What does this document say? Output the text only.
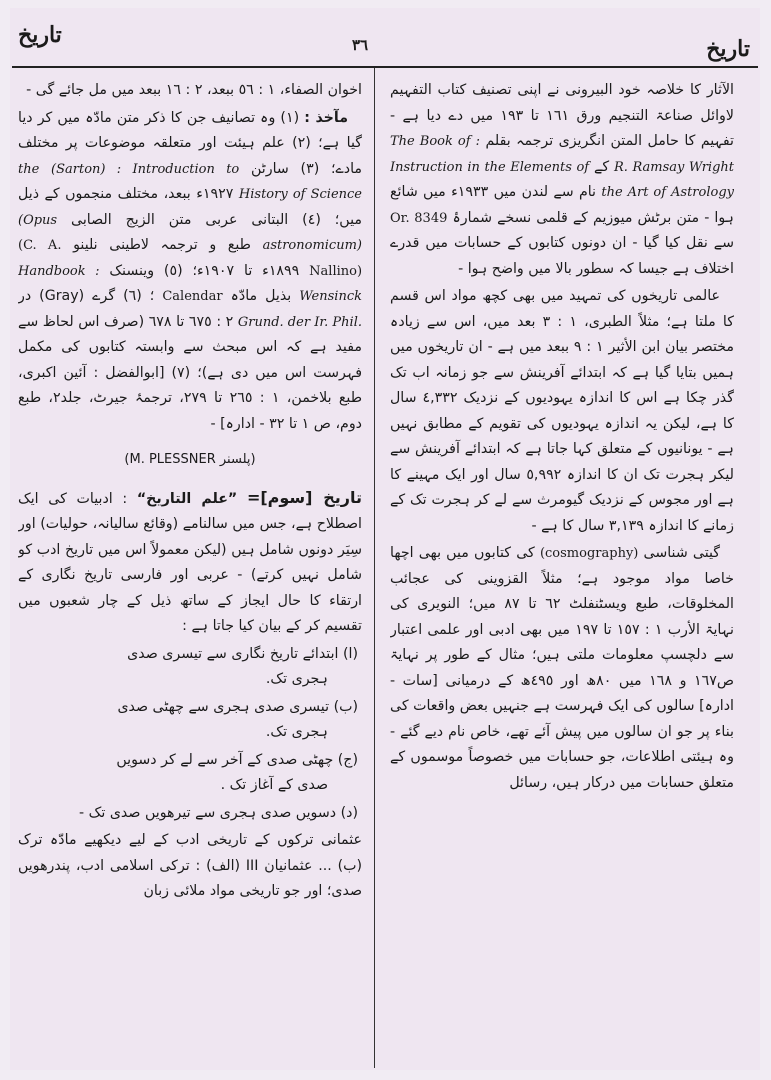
تاریخ	٣٦	تاریخ

الآثار کا خلاصہ خود البیرونی نے اپنی تصنیف کتاب التفہیم لاوائل صناعۃ التنجیم ورق ١٦١ تا ١٩٣ میں دے دیا ہے - تفہیم کا حامل المتن انگریزی ترجمہ بقلم The Book of : R. Ramsay Wright کے Instruction in the Elements of the Art of Astrology نام سے لندن میں ١٩٣٣ء میں شائع ہوا - متن برٹش میوزیم کے قلمی نسخے شمارۂ Or. 8349 سے نقل کیا گیا - ان دونوں کتابوں کے حسابات میں قدرے اختلاف ہے جیسا کہ سطور بالا میں واضح ہوا -

عالمی تاریخوں کی تمہید میں بھی کچھ مواد اس قسم کا ملتا ہے؛ مثلاً الطبری، ١ : ٣ بعد میں، اس سے زیادہ مختصر بیان ابن الأثیر ١ : ٩ ببعد میں ہے - ان تاریخوں میں ہمیں بتایا گیا ہے کہ ابتدائے آفرینش سے جو زمانہ اب تک گذر چکا ہے اس کا اندازہ یہودیوں کے نزدیک ٤,٣٣٢ سال کا ہے، لیکن یہ اندازہ یہودیوں کی تقویم کے مطابق نہیں ہے - یونانیوں کے متعلق کہا جاتا ہے کہ ابتدائے آفرینش سے لیکر ہجرت تک ان کا اندازہ ٥,٩٩٢ سال اور ایک مہینے کا ہے اور مجوس کے نزدیک گیومرث سے لے کر ہجرت تک کے زمانے کا اندازہ ٣,١٣٩ سال کا ہے -

گیتی شناسی (cosmography) کی کتابوں میں بھی اچھا خاصا مواد موجود ہے؛ مثلاً القزوینی کی عجائب المخلوقات، طبع ویسٹنفلٹ ٦٢ تا ٨٧ میں؛ النویری کی نہایۃ الأرب ١ : ١٥٧ تا ١٩٧ میں بھی ادبی اور علمی اعتبار سے دلچسپ معلومات ملتی ہیں؛ مثال کے طور پر نہایۃ ص١٦٧ و ١٦٨ میں ٨٠ھ اور ٤٩٥ھ کے درمیانی [سات - ادارہ] سالوں کی ایک فہرست ہے جنہیں بعض واقعات کی بناء پر جو ان سالوں میں پیش آئے تھے، خاص نام دیے گئے - وہ ہیئتی اطلاعات، جو حسابات میں خصوصاً موسموں کے متعلق حسابات میں درکار ہیں، رسائل

اخوان الصفاء، ١ : ٥٦ ببعد، ٢ : ١٦ ببعد میں مل جائے گی -

مآخذ : (١) وہ تصانیف جن کا ذکر متن مادّہ میں کر دیا گیا ہے؛ (٢) علم ہیئت اور متعلقہ موضوعات پر مختلف مادے؛ (٣) سارٹن (Sarton) : Introduction to the History of Science ١٩٢٧ء ببعد، مختلف منجموں کے ذیل میں؛ (٤) البتانی عربی متن الزیج الصابی (Opus astronomicum) طبع و ترجمہ لاطینی نلینو (C. A. Nallino) ١٨٩٩ء تا ١٩٠٧ء؛ (٥) وینسنک Handbook : Wensinck بذیل مادّہ Calendar ؛ (٦) گرے (Gray) در Grund. der Ir. Phil. ٢ : ٦٧٥ تا ٦٧٨ (صرف اس لحاظ سے مفید ہے کہ اس مبحث سے وابستہ کتابوں کی مکمل فہرست اس میں دی ہے)؛ (٧) [ابوالفضل : آئین اکبری، طبع بلاخمن، ١ : ٢٦٥ تا ٢٧٩، ترجمۂ جیرٹ، جلد٢، طبع دوم، ص ١ تا ٣٢ - ادارہ] -

(پلسنر M. PLESSNER)

تاریخ [سوم]= ”علم التاریخ“ : ادبیات کی ایک اصطلاح ہے، جس میں سالنامے (وقائع سالیانہ، حولیات) اور سِیَر دونوں شامل ہیں (لیکن معمولاً اس میں تاریخ ادب کو شامل نہیں کرتے) - عربی اور فارسی تاریخ نگاری کے ارتقاء کا حال ایجاز کے ساتھ ذیل کے چار شعبوں میں تقسیم کر کے بیان کیا جاتا ہے :

(ا) ابتدائے تاریخ نگاری سے تیسری صدی
ہجری تک.
(ب) تیسری صدی ہجری سے چھٹی صدی
ہجری تک.
(ج) چھٹی صدی کے آخر سے لے کر دسویں
صدی کے آغاز تک .
(د) دسویں صدی ہجری سے تیرھویں صدی تک -

عثمانی ترکوں کے تاریخی ادب کے لیے دیکھیے مادّہ ترک (ب) ... عثمانیان III (الف) : ترکی اسلامی ادب، پندرھویں صدی؛ اور جو تاریخی مواد ملائی زبان
